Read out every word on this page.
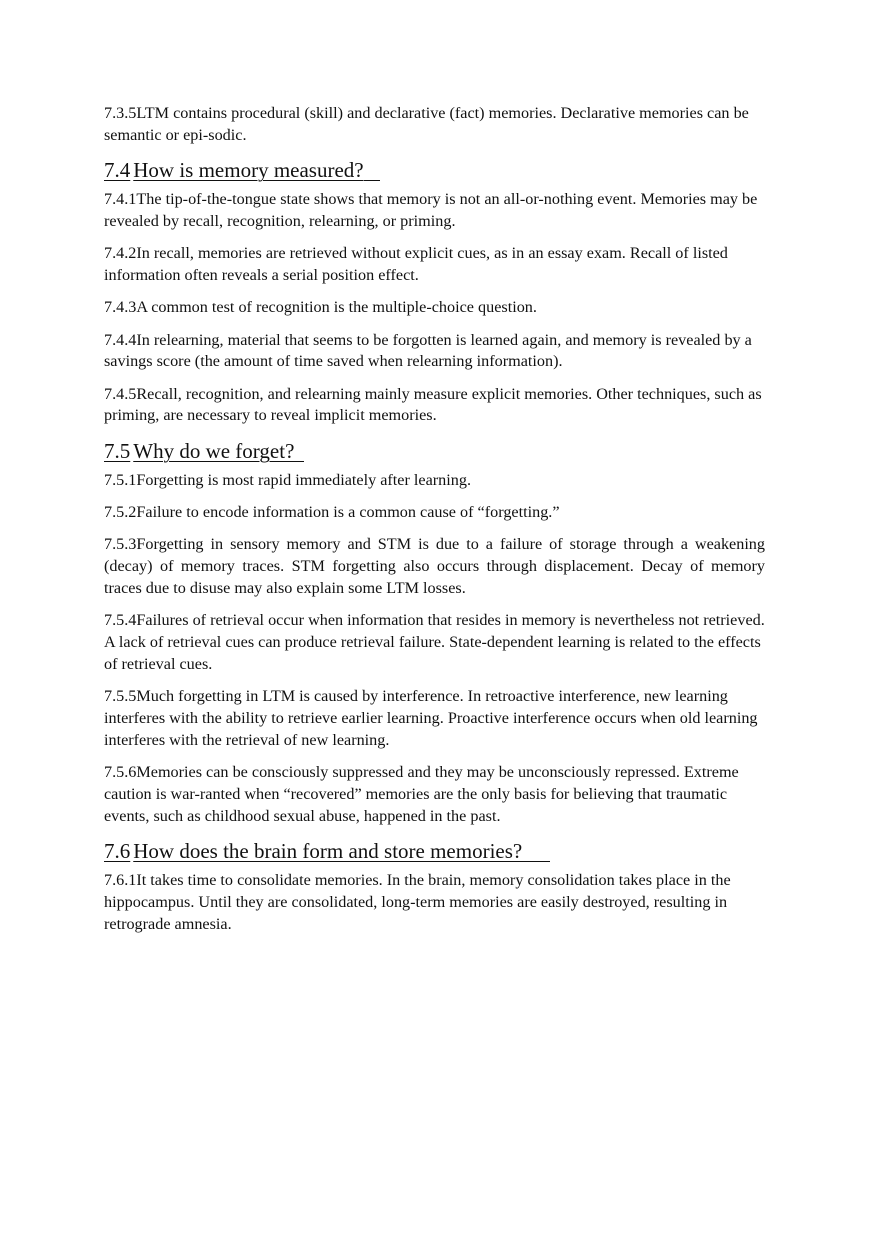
7.3.5LTM contains procedural (skill) and declarative (fact) memories. Declarative memories can be semantic or epi-sodic.

7.4 How is memory measured?

7.4.1The tip-of-the-tongue state shows that memory is not an all-or-nothing event. Memories may be revealed by recall, recognition, relearning, or priming.

7.4.2In recall, memories are retrieved without explicit cues, as in an essay exam. Recall of listed information often reveals a serial position effect.

7.4.3A common test of recognition is the multiple-choice question.

7.4.4In relearning, material that seems to be forgotten is learned again, and memory is revealed by a savings score (the amount of time saved when relearning information).

7.4.5Recall, recognition, and relearning mainly measure explicit memories. Other techniques, such as priming, are necessary to reveal implicit memories.

7.5 Why do we forget?

7.5.1Forgetting is most rapid immediately after learning.

7.5.2Failure to encode information is a common cause of “forgetting.”

7.5.3Forgetting in sensory memory and STM is due to a failure of storage through a weakening (decay) of memory traces. STM forgetting also occurs through displacement. Decay of memory traces due to disuse may also explain some LTM losses.

7.5.4Failures of retrieval occur when information that resides in memory is nevertheless not retrieved. A lack of retrieval cues can produce retrieval failure. State-dependent learning is related to the effects of retrieval cues.

7.5.5Much forgetting in LTM is caused by interference. In retroactive interference, new learning interferes with the ability to retrieve earlier learning. Proactive interference occurs when old learning interferes with the retrieval of new learning.

7.5.6Memories can be consciously suppressed and they may be unconsciously repressed. Extreme caution is war-ranted when “recovered” memories are the only basis for believing that traumatic events, such as childhood sexual abuse, happened in the past.

7.6 How does the brain form and store memories?

7.6.1It takes time to consolidate memories. In the brain, memory consolidation takes place in the hippocampus. Until they are consolidated, long-term memories are easily destroyed, resulting in retrograde amnesia.
